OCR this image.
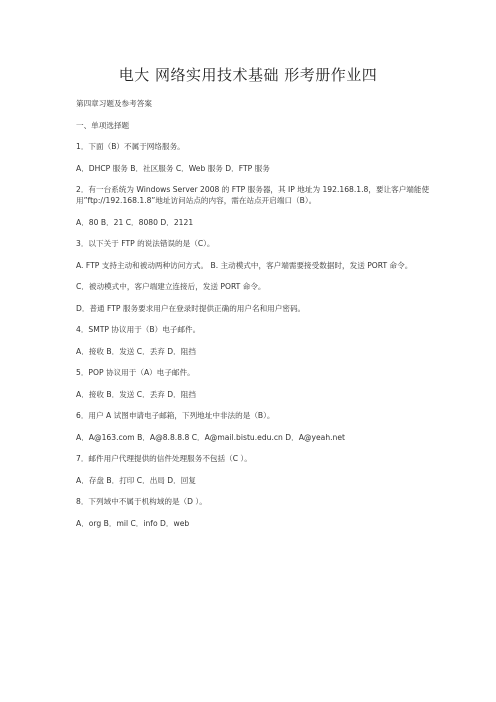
电大 网络实用技术基础 形考册作业四

第四章习题及参考答案

一、单项选择题

1．下面（B）不属于网络服务。

A．DHCP 服务 B．社区服务 C．Web 服务 D．FTP 服务

2．有一台系统为 Windows Server 2008 的 FTP 服务器，其 IP 地址为 192.168.1.8，要让客户端能使用”ftp://192.168.1.8”地址访问站点的内容，需在站点开启端口（B）。

A．80 B．21 C．8080 D．2121

3．以下关于 FTP 的说法错误的是（C）。

A. FTP 支持主动和被动两种访问方式。 B. 主动模式中，客户端需要接受数据时，发送 PORT 命令。

C．被动模式中，客户端建立连接后，发送 PORT 命令。

D．普通 FTP 服务要求用户在登录时提供正确的用户名和用户密码。

4．SMTP 协议用于（B）电子邮件。

A．接收 B．发送 C．丢弃 D．阻挡

5．POP 协议用于（A）电子邮件。

A．接收 B．发送 C．丢弃 D．阻挡

6．用户 A 试图申请电子邮箱，下列地址中非法的是（B）。

A．A@163.com B．A@8.8.8.8 C．A@mail.bistu.edu.cn D．A@yeah.net

7．邮件用户代理提供的信件处理服务不包括（C ）。

A．存盘 B．打印 C．出局 D．回复

8．下列域中不属于机构域的是（D ）。

A．org B．mil C．info D．web
